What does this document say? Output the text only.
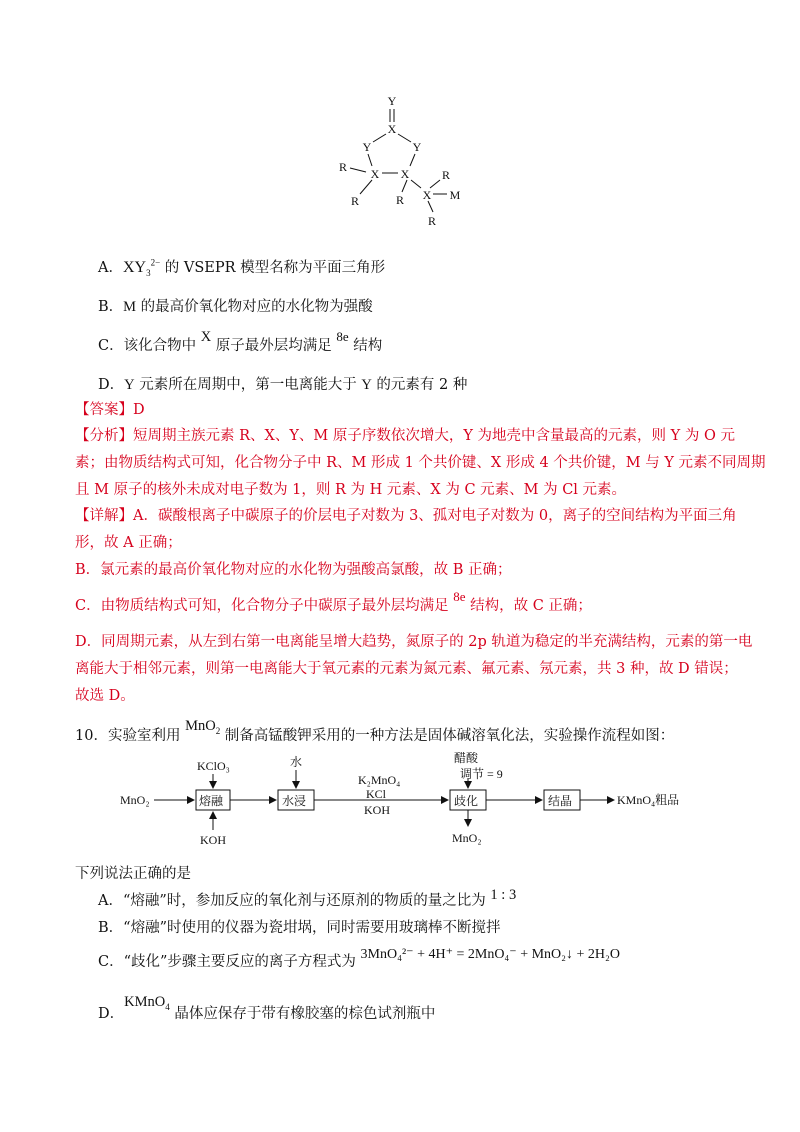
Y
X
Y	Y
R X X
R	R X
R
M
R
A．$XY_3^{2-}$ 的 VSEPR 模型名称为平面三角形
B．M 的最高价氧化物对应的水化物为强酸
C．该化合物中 X 原子最外层均满足 8e 结构
D．Y 元素所在周期中，第一电离能大于 Y 的元素有 2 种
【答案】D
【分析】短周期主族元素 R、X、Y、M 原子序数依次增大，Y 为地壳中含量最高的元素，则 Y 为 O 元
素；由物质结构式可知，化合物分子中 R、M 形成 1 个共价键、X 形成 4 个共价键，M 与 Y 元素不同周期
且 M 原子的核外未成对电子数为 1，则 R 为 H 元素、X 为 C 元素、M 为 Cl 元素。
【详解】A．碳酸根离子中碳原子的价层电子对数为 3、孤对电子对数为 0，离子的空间结构为平面三角
形，故 A 正确；
B．氯元素的最高价氧化物对应的水化物为强酸高氯酸，故 B 正确；
C．由物质结构式可知，化合物分子中碳原子最外层均满足 8e 结构，故 C 正确；
D．同周期元素，从左到右第一电离能呈增大趋势，氮原子的 2p 轨道为稳定的半充满结构，元素的第一电
离能大于相邻元素，则第一电离能大于氧元素的元素为氮元素、氟元素、氖元素，共 3 种，故 D 错误；
故选 D。
10．实验室利用 MnO$_2$ 制备高锰酸钾采用的一种方法是固体碱溶氧化法，实验操作流程如图：
MnO₂
KClO₃
KOH
熔融
水
水浸
K₂MnO₄
KCl
KOH
醋酸
调节 = 9
歧化
MnO₂
结晶	KMnO₄粗品
下列说法正确的是
A．“熔融”时，参加反应的氧化剂与还原剂的物质的量之比为 1 : 3
B．“熔融”时使用的仪器为瓷坩埚，同时需要用玻璃棒不断搅拌
C．“歧化”步骤主要反应的离子方程式为 3MnO₄²⁻ + 4H⁺ = 2MnO₄⁻ + MnO₂↓ + 2H₂O
D．KMnO$_4$ 晶体应保存于带有橡胶塞的棕色试剂瓶中
